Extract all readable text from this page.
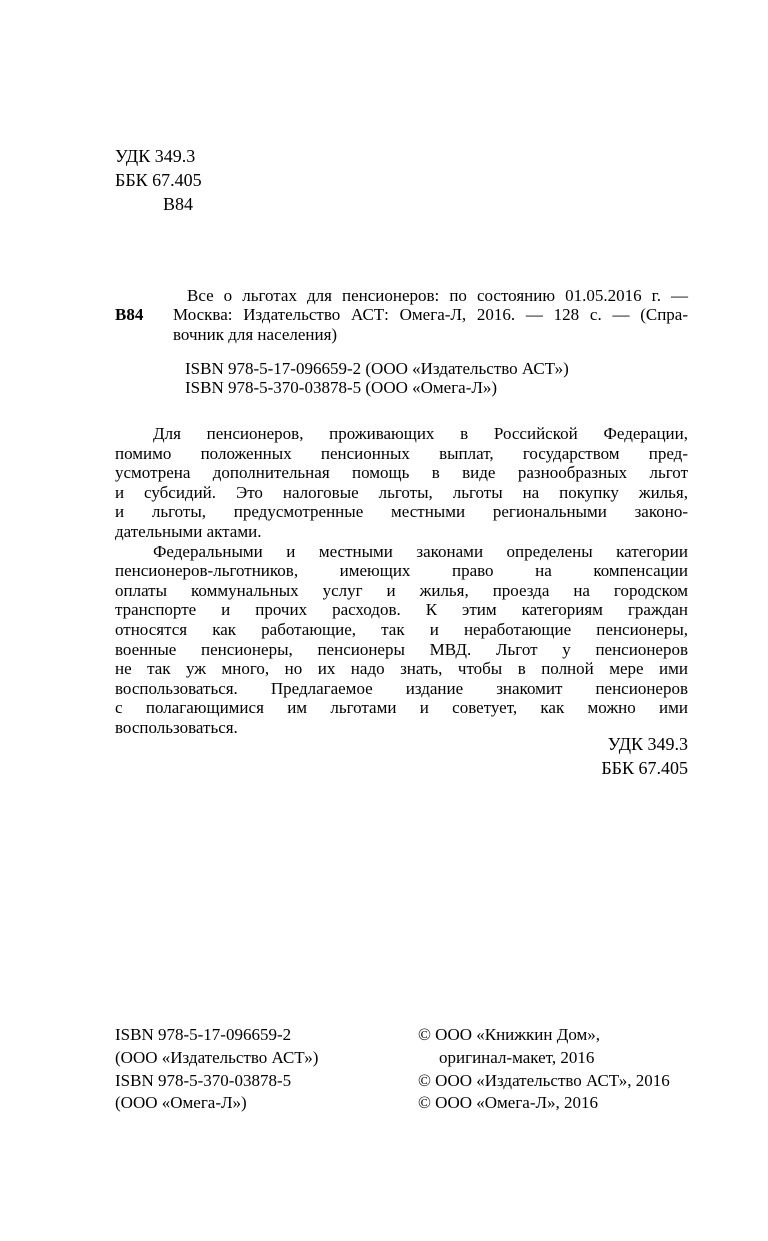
УДК 349.3
ББК 67.405
В84
В84
Все о льготах для пенсионеров: по состоянию 01.05.2016 г. —
Москва: Издательство АСТ: Омега-Л, 2016. — 128 с. — (Спра-
вочник для населения)
ISBN 978-5-17-096659-2 (ООО «Издательство АСТ»)
ISBN 978-5-370-03878-5 (ООО «Омега-Л»)
Для пенсионеров, проживающих в Российской Федерации,
помимо положенных пенсионных выплат, государством пред-
усмотрена дополнительная помощь в виде разнообразных льгот
и субсидий. Это налоговые льготы, льготы на покупку жилья,
и льготы, предусмотренные местными региональными законо-
дательными актами.
Федеральными и местными законами определены категории
пенсионеров-льготников, имеющих право на компенсации
оплаты коммунальных услуг и жилья, проезда на городском
транспорте и прочих расходов. К этим категориям граждан
относятся как работающие, так и неработающие пенсионеры,
военные пенсионеры, пенсионеры МВД. Льгот у пенсионеров
не так уж много, но их надо знать, чтобы в полной мере ими
воспользоваться. Предлагаемое издание знакомит пенсионеров
с полагающимися им льготами и советует, как можно ими
воспользоваться.
УДК 349.3
ББК 67.405
ISBN 978-5-17-096659-2
(ООО «Издательство АСТ»)
ISBN 978-5-370-03878-5
(ООО «Омега-Л»)
© ООО «Книжкин Дом»,
оригинал-макет, 2016
© ООО «Издательство АСТ», 2016
© ООО «Омега-Л», 2016
